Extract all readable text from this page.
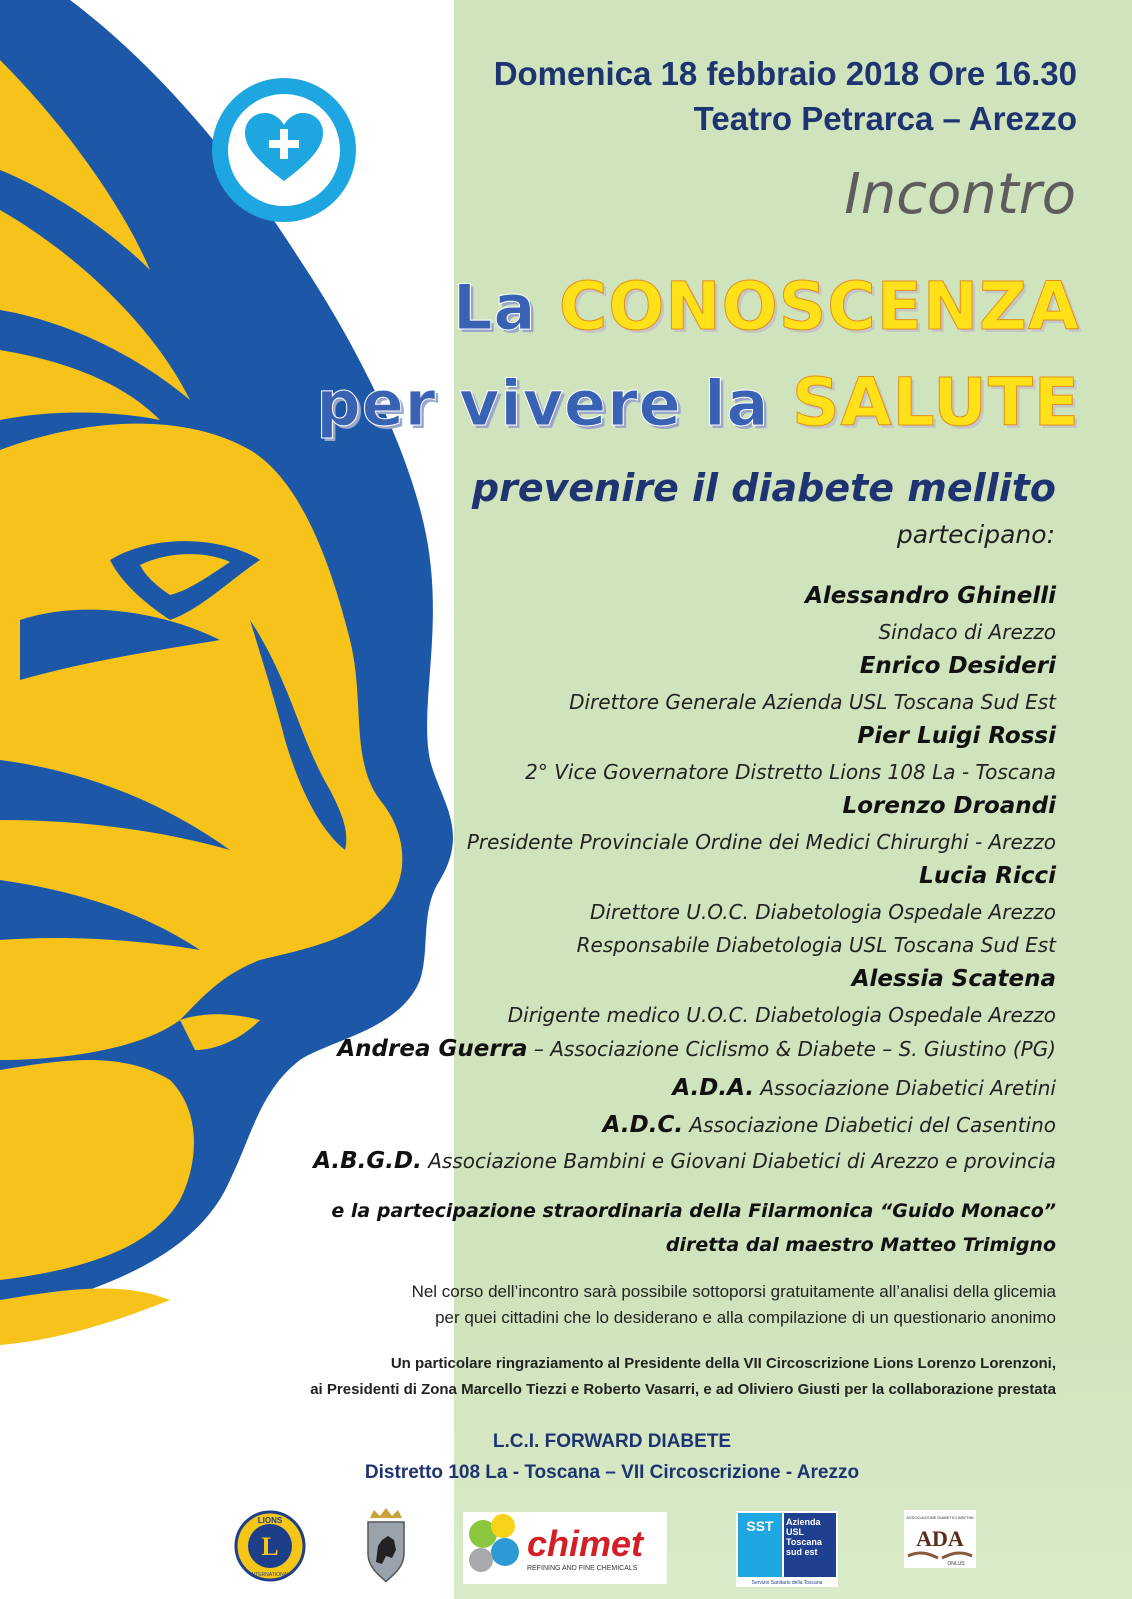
Domenica 18 febbraio 2018 Ore 16.30
Teatro Petrarca – Arezzo
Incontro
La CONOSCENZA
per vivere la SALUTE
prevenire il diabete mellito
partecipano:
Alessandro Ghinelli
Sindaco di Arezzo
Enrico Desideri
Direttore Generale Azienda USL Toscana Sud Est
Pier Luigi Rossi
2° Vice Governatore Distretto Lions 108 La - Toscana
Lorenzo Droandi
Presidente Provinciale Ordine dei Medici Chirurghi - Arezzo
Lucia Ricci
Direttore U.O.C. Diabetologia Ospedale Arezzo
Responsabile Diabetologia USL Toscana Sud Est
Alessia Scatena
Dirigente medico U.O.C. Diabetologia Ospedale Arezzo
Andrea Guerra – Associazione Ciclismo & Diabete – S. Giustino (PG)
A.D.A. Associazione Diabetici Aretini
A.D.C. Associazione Diabetici del Casentino
A.B.G.D. Associazione Bambini e Giovani Diabetici di Arezzo e provincia
e la partecipazione straordinaria della Filarmonica “Guido Monaco”
diretta dal maestro Matteo Trimigno
Nel corso dell’incontro sarà possibile sottoporsi gratuitamente all’analisi della glicemia
per quei cittadini che lo desiderano e alla compilazione di un questionario anonimo
Un particolare ringraziamento al Presidente della VII Circoscrizione Lions Lorenzo Lorenzoni,
ai Presidenti di Zona Marcello Tiezzi e Roberto Vasarri, e ad Oliviero Giusti per la collaborazione prestata
L.C.I. FORWARD DIABETE
Distretto 108 La - Toscana – VII Circoscrizione - Arezzo
L
LIONS
INTERNATIONAL
chimet
REFINING AND FINE CHEMICALS
SST Azienda USL Toscana sud est
Servizio Sanitario della Toscana
ASSOCIAZIONE DIABETICI ARETINI
ADA
ONLUS
